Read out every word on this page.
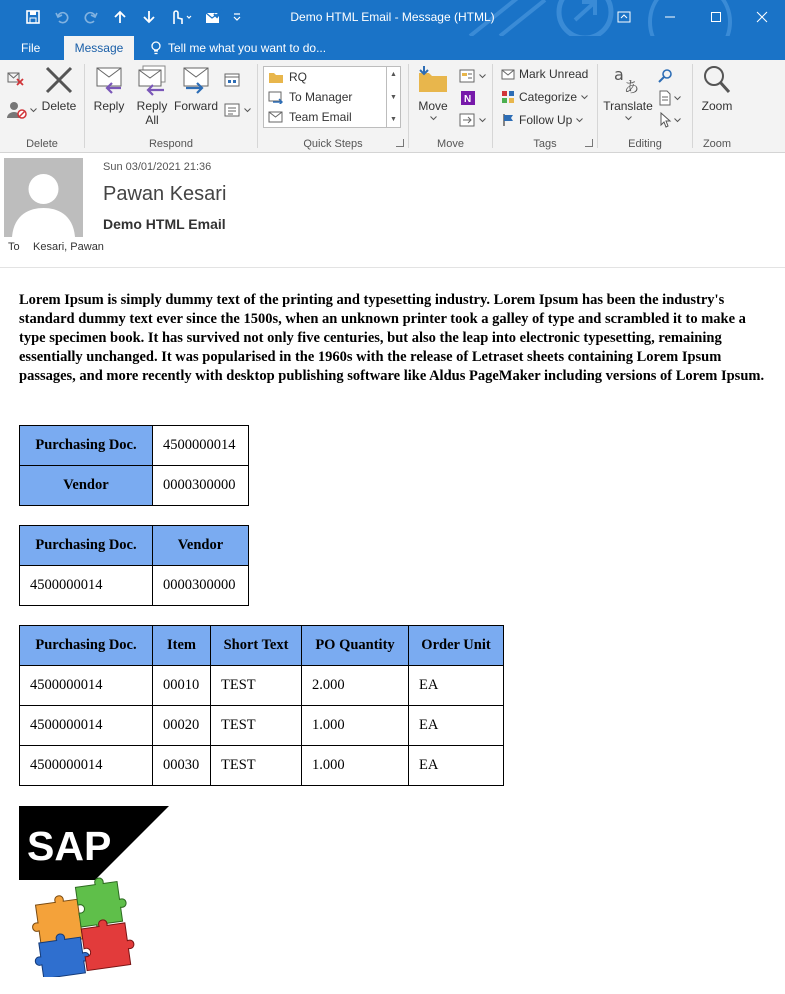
Demo HTML Email - Message (HTML)
File	Message	Tell me what you want to do...
Delete
Delete
Reply Reply
All
Forward
Respond	Quick Steps
RQ
To Manager
Team Email
▲
▼
▼
Move N
Move
Mark Unread
Categorize
Follow Up
Tags
a
あ
Translate
Editing
Zoom
Zoom
Sun 03/01/2021 21:36
Pawan Kesari
Demo HTML Email
To Kesari, Pawan

Lorem Ipsum is simply dummy text of the printing and typesetting industry. Lorem Ipsum has been the industry's standard dummy text ever since the 1500s, when an unknown printer took a galley of type and scrambled it to make a type specimen book. It has survived not only five centuries, but also the leap into electronic typesetting, remaining essentially unchanged. It was popularised in the 1960s with the release of Letraset sheets containing Lorem Ipsum passages, and more recently with desktop publishing software like Aldus PageMaker including versions of Lorem Ipsum.

Purchasing Doc.	4500000014
Vendor	0000300000
Purchasing Doc.	Vendor
4500000014	0000300000
Purchasing Doc.	Item	Short Text	PO Quantity	Order Unit
4500000014	00010	TEST	2.000	EA
4500000014	00020	TEST	1.000	EA
4500000014	00030	TEST	1.000	EA
SAP
